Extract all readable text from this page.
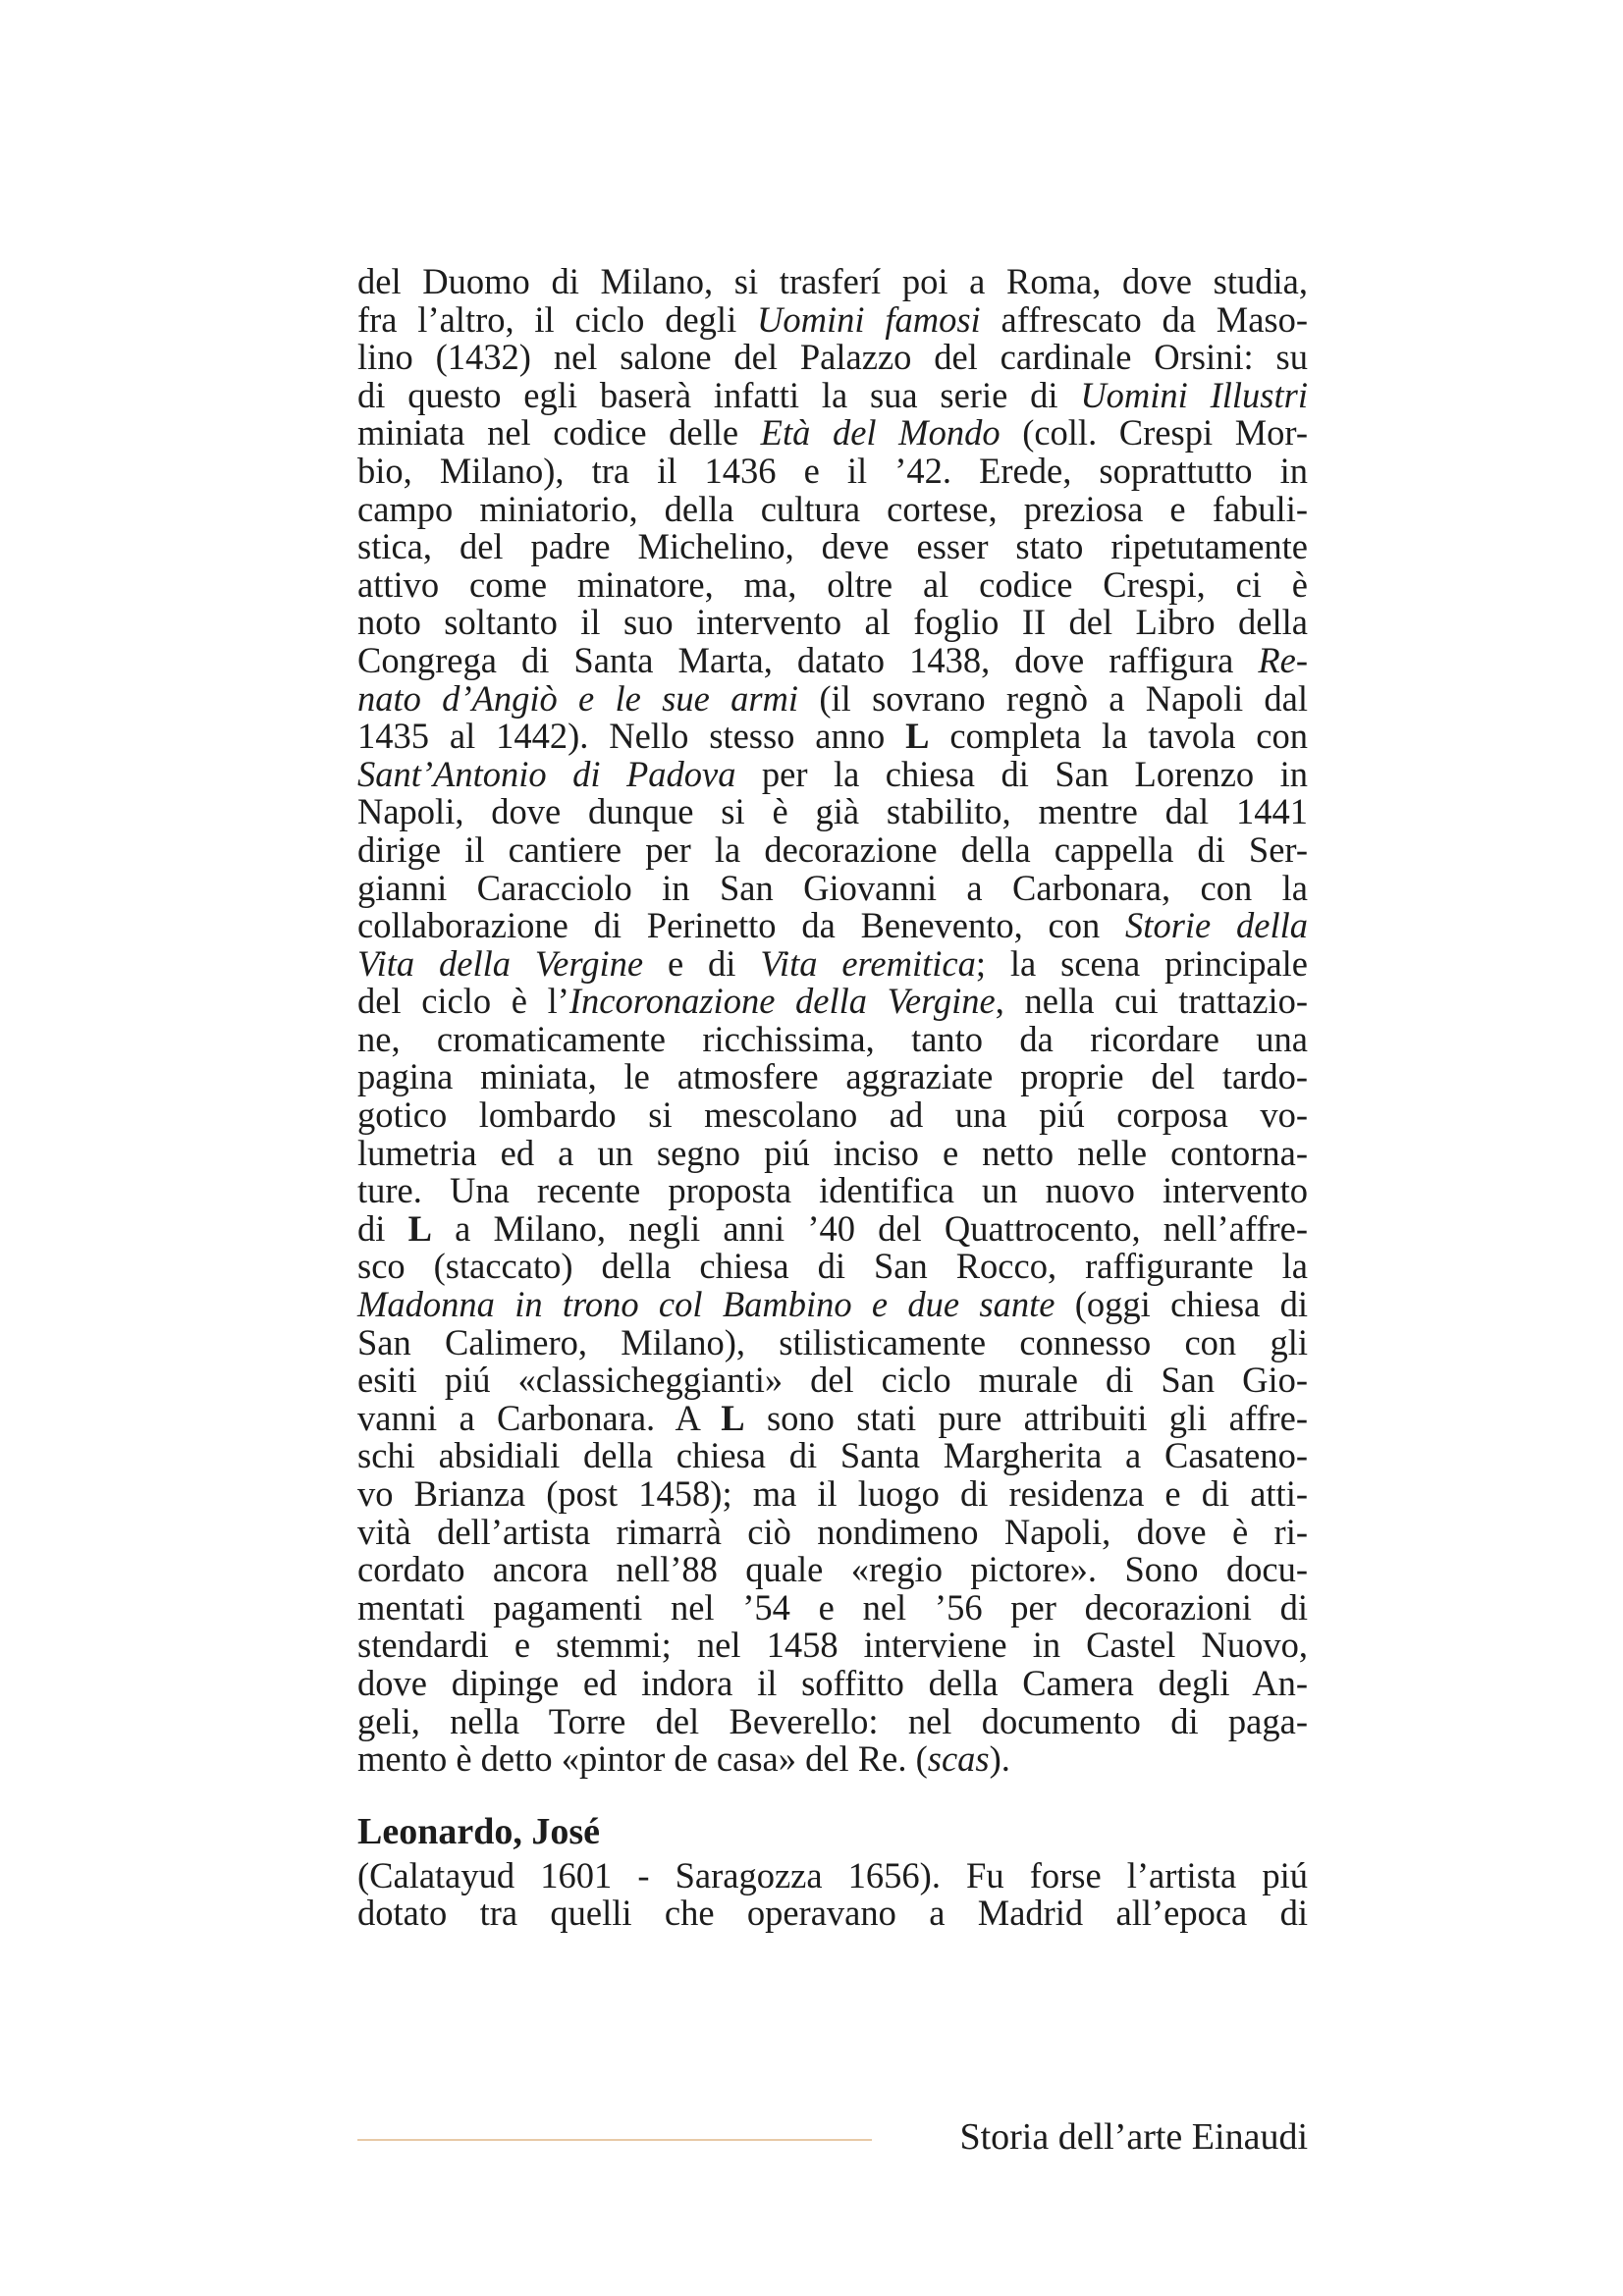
del Duomo di Milano, si trasferí poi a Roma, dove studia,
fra l’altro, il ciclo degli Uomini famosi affrescato da Maso-
lino (1432) nel salone del Palazzo del cardinale Orsini: su
di questo egli baserà infatti la sua serie di Uomini Illustri
miniata nel codice delle Età del Mondo (coll. Crespi Mor-
bio, Milano), tra il 1436 e il ’42. Erede, soprattutto in
campo miniatorio, della cultura cortese, preziosa e fabuli-
stica, del padre Michelino, deve esser stato ripetutamente
attivo come minatore, ma, oltre al codice Crespi, ci è
noto soltanto il suo intervento al foglio II del Libro della
Congrega di Santa Marta, datato 1438, dove raffigura Re-
nato d’Angiò e le sue armi (il sovrano regnò a Napoli dal
1435 al 1442). Nello stesso anno L completa la tavola con
Sant’Antonio di Padova per la chiesa di San Lorenzo in
Napoli, dove dunque si è già stabilito, mentre dal 1441
dirige il cantiere per la decorazione della cappella di Ser-
gianni Caracciolo in San Giovanni a Carbonara, con la
collaborazione di Perinetto da Benevento, con Storie della
Vita della Vergine e di Vita eremitica; la scena principale
del ciclo è l’Incoronazione della Vergine, nella cui trattazio-
ne, cromaticamente ricchissima, tanto da ricordare una
pagina miniata, le atmosfere aggraziate proprie del tardo-
gotico lombardo si mescolano ad una piú corposa vo-
lumetria ed a un segno piú inciso e netto nelle contorna-
ture. Una recente proposta identifica un nuovo intervento
di L a Milano, negli anni ’40 del Quattrocento, nell’affre-
sco (staccato) della chiesa di San Rocco, raffigurante la
Madonna in trono col Bambino e due sante (oggi chiesa di
San Calimero, Milano), stilisticamente connesso con gli
esiti piú «classicheggianti» del ciclo murale di San Gio-
vanni a Carbonara. A L sono stati pure attribuiti gli affre-
schi absidiali della chiesa di Santa Margherita a Casateno-
vo Brianza (post 1458); ma il luogo di residenza e di atti-
vità dell’artista rimarrà ciò nondimeno Napoli, dove è ri-
cordato ancora nell’88 quale «regio pictore». Sono docu-
mentati pagamenti nel ’54 e nel ’56 per decorazioni di
stendardi e stemmi; nel 1458 interviene in Castel Nuovo,
dove dipinge ed indora il soffitto della Camera degli An-
geli, nella Torre del Beverello: nel documento di paga-
mento è detto «pintor de casa» del Re. (scas).
Leonardo, José
(Calatayud 1601 - Saragozza 1656). Fu forse l’artista piú
dotato tra quelli che operavano a Madrid all’epoca di
Storia dell’arte Einaudi
